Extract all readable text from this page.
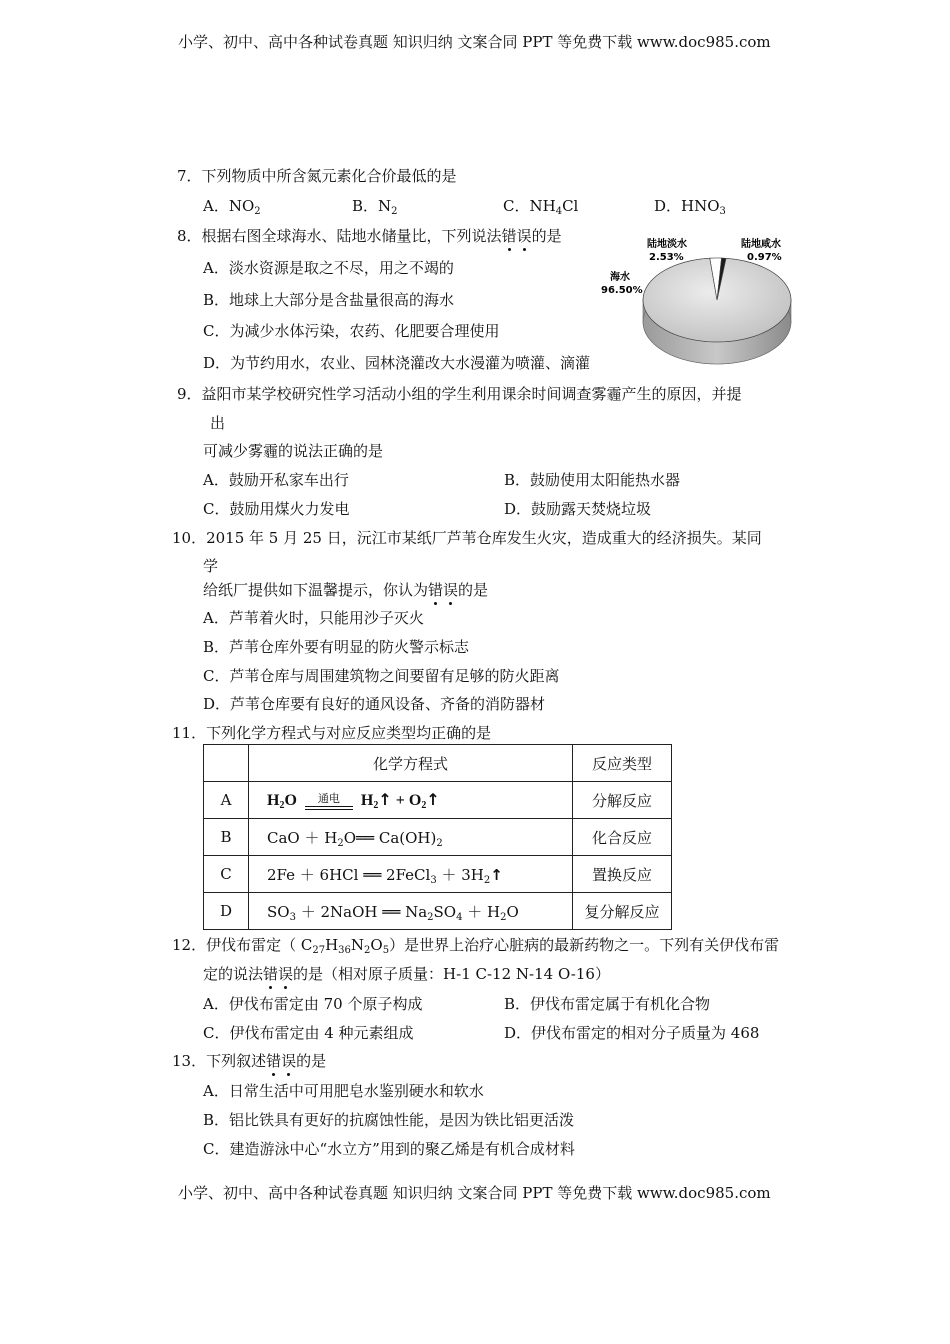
小学、初中、高中各种试卷真题 知识归纳 文案合同 PPT 等免费下载 www.doc985.com
7．下列物质中所含氮元素化合价最低的是
A．$NO_2$	B．$N_2$	C．$NH_4Cl$	D．$HNO_3$
8．根据右图全球海水、陆地水储量比，下列说法错误的是
A．淡水资源是取之不尽，用之不竭的
B．地球上大部分是含盐量很高的海水
C．为减少水体污染，农药、化肥要合理使用
D．为节约用水，农业、园林浇灌改大水漫灌为喷灌、滴灌
海水
96.50%
陆地淡水
2.53%
陆地咸水
0.97%
9．益阳市某学校研究性学习活动小组的学生利用课余时间调查雾霾产生的原因，并提
出
可减少雾霾的说法正确的是
A．鼓励开私家车出行	B．鼓励使用太阳能热水器
C．鼓励用煤火力发电	D．鼓励露天焚烧垃圾
10．2015 年 5 月 25 日，沅江市某纸厂芦苇仓库发生火灾，造成重大的经济损失。某同
学
给纸厂提供如下温馨提示，你认为错误的是
A．芦苇着火时，只能用沙子灭火
B．芦苇仓库外要有明显的防火警示标志
C．芦苇仓库与周围建筑物之间要留有足够的防火距离
D．芦苇仓库要有良好的通风设备、齐备的消防器材
11．下列化学方程式与对应反应类型均正确的是
	化学方程式	反应类型
A	$H_2O$ 通电 $H_2↑$ + $O_2↑$	分解反应
B	CaO ＋ $H_2O══$ $Ca(OH)_2$	化合反应
C	2Fe ＋ 6HCl ══ 2FeCl$_3$ ＋ $3H_2↑$	置换反应
D	$SO_3$ ＋ 2NaOH ══ $Na_2SO_4 + H_2O$	复分解反应
12．伊伐布雷定（ $C_{27}H_{36}N_2O_5$）是世界上治疗心脏病的最新药物之一。下列有关伊伐布雷
定的说法错误的是（相对原子质量：H-1 C-12 N-14 O-16）
A．伊伐布雷定由 70 个原子构成	B．伊伐布雷定属于有机化合物
C．伊伐布雷定由 4 种元素组成	D．伊伐布雷定的相对分子质量为 468
13．下列叙述错误的是
A．日常生活中可用肥皂水鉴别硬水和软水
B．铝比铁具有更好的抗腐蚀性能，是因为铁比铝更活泼
C．建造游泳中心“水立方”用到的聚乙烯是有机合成材料
小学、初中、高中各种试卷真题 知识归纳 文案合同 PPT 等免费下载 www.doc985.com
